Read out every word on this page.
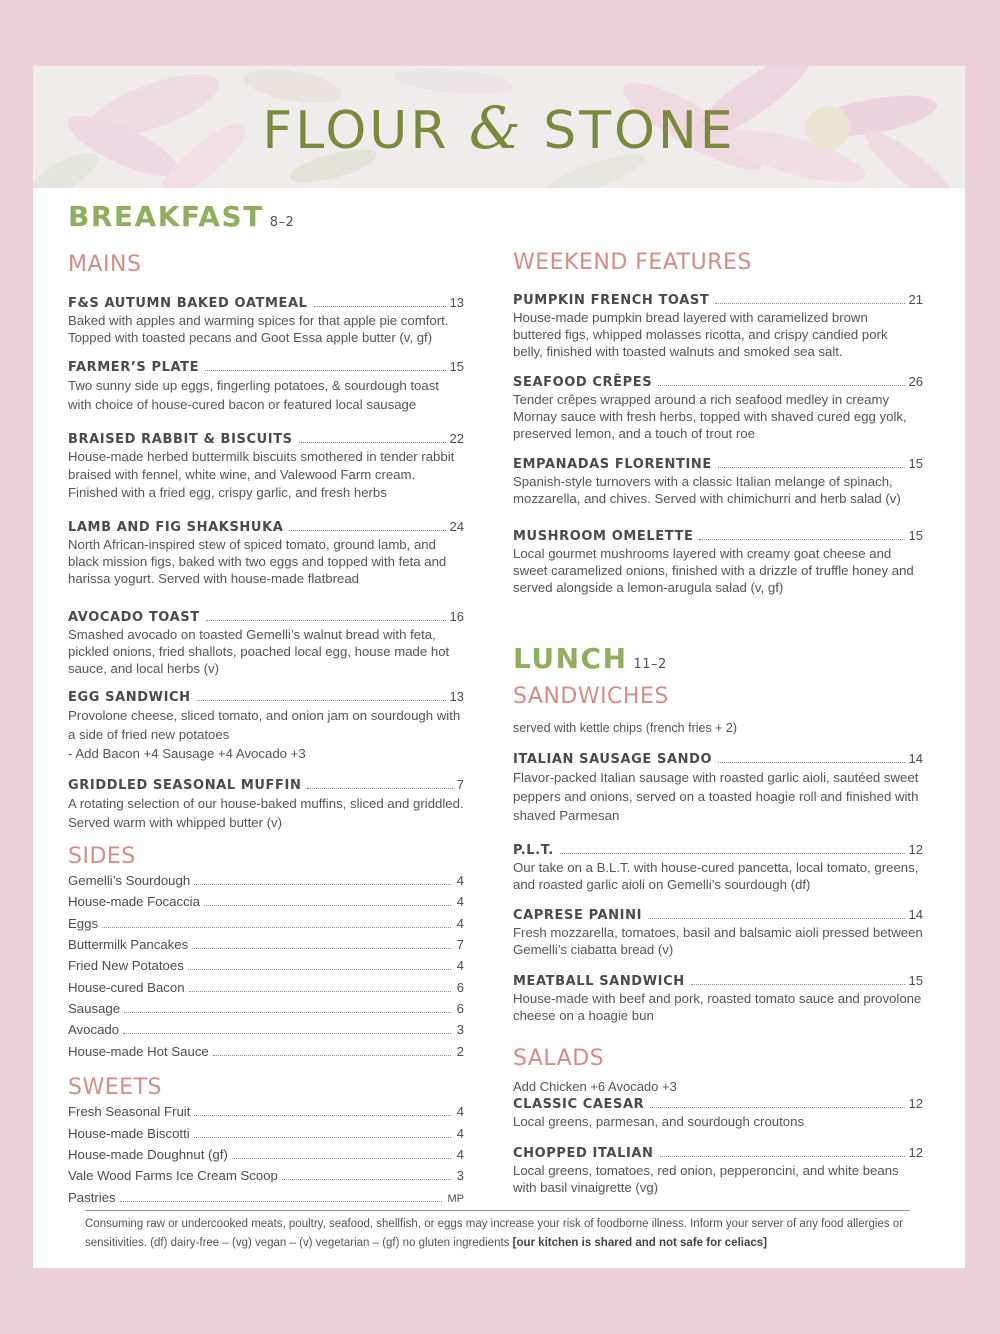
FLOUR & STONE
BREAKFAST 8–2
MAINS
F&S AUTUMN BAKED OATMEAL	13
Baked with apples and warming spices for that apple pie comfort. Topped with toasted pecans and Goot Essa apple butter (v, gf)
FARMER’S PLATE	15
Two sunny side up eggs, fingerling potatoes, & sourdough toast with choice of house-cured bacon or featured local sausage
BRAISED RABBIT & BISCUITS	22
House-made herbed buttermilk biscuits smothered in tender rabbit braised with fennel, white wine, and Valewood Farm cream. Finished with a fried egg, crispy garlic, and fresh herbs
LAMB AND FIG SHAKSHUKA	24
North African-inspired stew of spiced tomato, ground lamb, and black mission figs, baked with two eggs and topped with feta and harissa yogurt. Served with house-made flatbread
AVOCADO TOAST	16
Smashed avocado on toasted Gemelli’s walnut bread with feta, pickled onions, fried shallots, poached local egg, house made hot sauce, and local herbs (v)
EGG SANDWICH	13
Provolone cheese, sliced tomato, and onion jam on sourdough with a side of fried new potatoes
- Add Bacon +4 Sausage +4 Avocado +3
GRIDDLED SEASONAL MUFFIN	7
A rotating selection of our house-baked muffins, sliced and griddled. Served warm with whipped butter (v)
SIDES
Gemelli’s Sourdough	4
House-made Focaccia	4
Eggs	4
Buttermilk Pancakes	7
Fried New Potatoes	4
House-cured Bacon	6
Sausage	6
Avocado	3
House-made Hot Sauce	2
SWEETS
Fresh Seasonal Fruit	4
House-made Biscotti	4
House-made Doughnut (gf)	4
Vale Wood Farms Ice Cream Scoop	3
Pastries	MP
WEEKEND FEATURES
PUMPKIN FRENCH TOAST	21
House-made pumpkin bread layered with caramelized brown buttered figs, whipped molasses ricotta, and crispy candied pork belly, finished with toasted walnuts and smoked sea salt.
SEAFOOD CRÊPES	26
Tender crêpes wrapped around a rich seafood medley in creamy Mornay sauce with fresh herbs, topped with shaved cured egg yolk, preserved lemon, and a touch of trout roe
EMPANADAS FLORENTINE	15
Spanish-style turnovers with a classic Italian melange of spinach, mozzarella, and chives. Served with chimichurri and herb salad (v)
MUSHROOM OMELETTE	15
Local gourmet mushrooms layered with creamy goat cheese and sweet caramelized onions, finished with a drizzle of truffle honey and served alongside a lemon-arugula salad (v, gf)
LUNCH 11–2
SANDWICHES
served with kettle chips (french fries + 2)
ITALIAN SAUSAGE SANDO	14
Flavor-packed Italian sausage with roasted garlic aioli, sautéed sweet peppers and onions, served on a toasted hoagie roll and finished with shaved Parmesan
P.L.T.	12
Our take on a B.L.T. with house-cured pancetta, local tomato, greens, and roasted garlic aioli on Gemelli’s sourdough (df)
CAPRESE PANINI	14
Fresh mozzarella, tomatoes, basil and balsamic aioli pressed between Gemelli’s ciabatta bread (v)
MEATBALL SANDWICH	15
House-made with beef and pork, roasted tomato sauce and provolone cheese on a hoagie bun
SALADS
Add Chicken +6 Avocado +3
CLASSIC CAESAR	12
Local greens, parmesan, and sourdough croutons
CHOPPED ITALIAN	12
Local greens, tomatoes, red onion, pepperoncini, and white beans with basil vinaigrette (vg)
Consuming raw or undercooked meats, poultry, seafood, shellfish, or eggs may increase your risk of foodborne illness. Inform your server of any food allergies or sensitivities. (df) dairy-free – (vg) vegan – (v) vegetarian – (gf) no gluten ingredients [our kitchen is shared and not safe for celiacs]
